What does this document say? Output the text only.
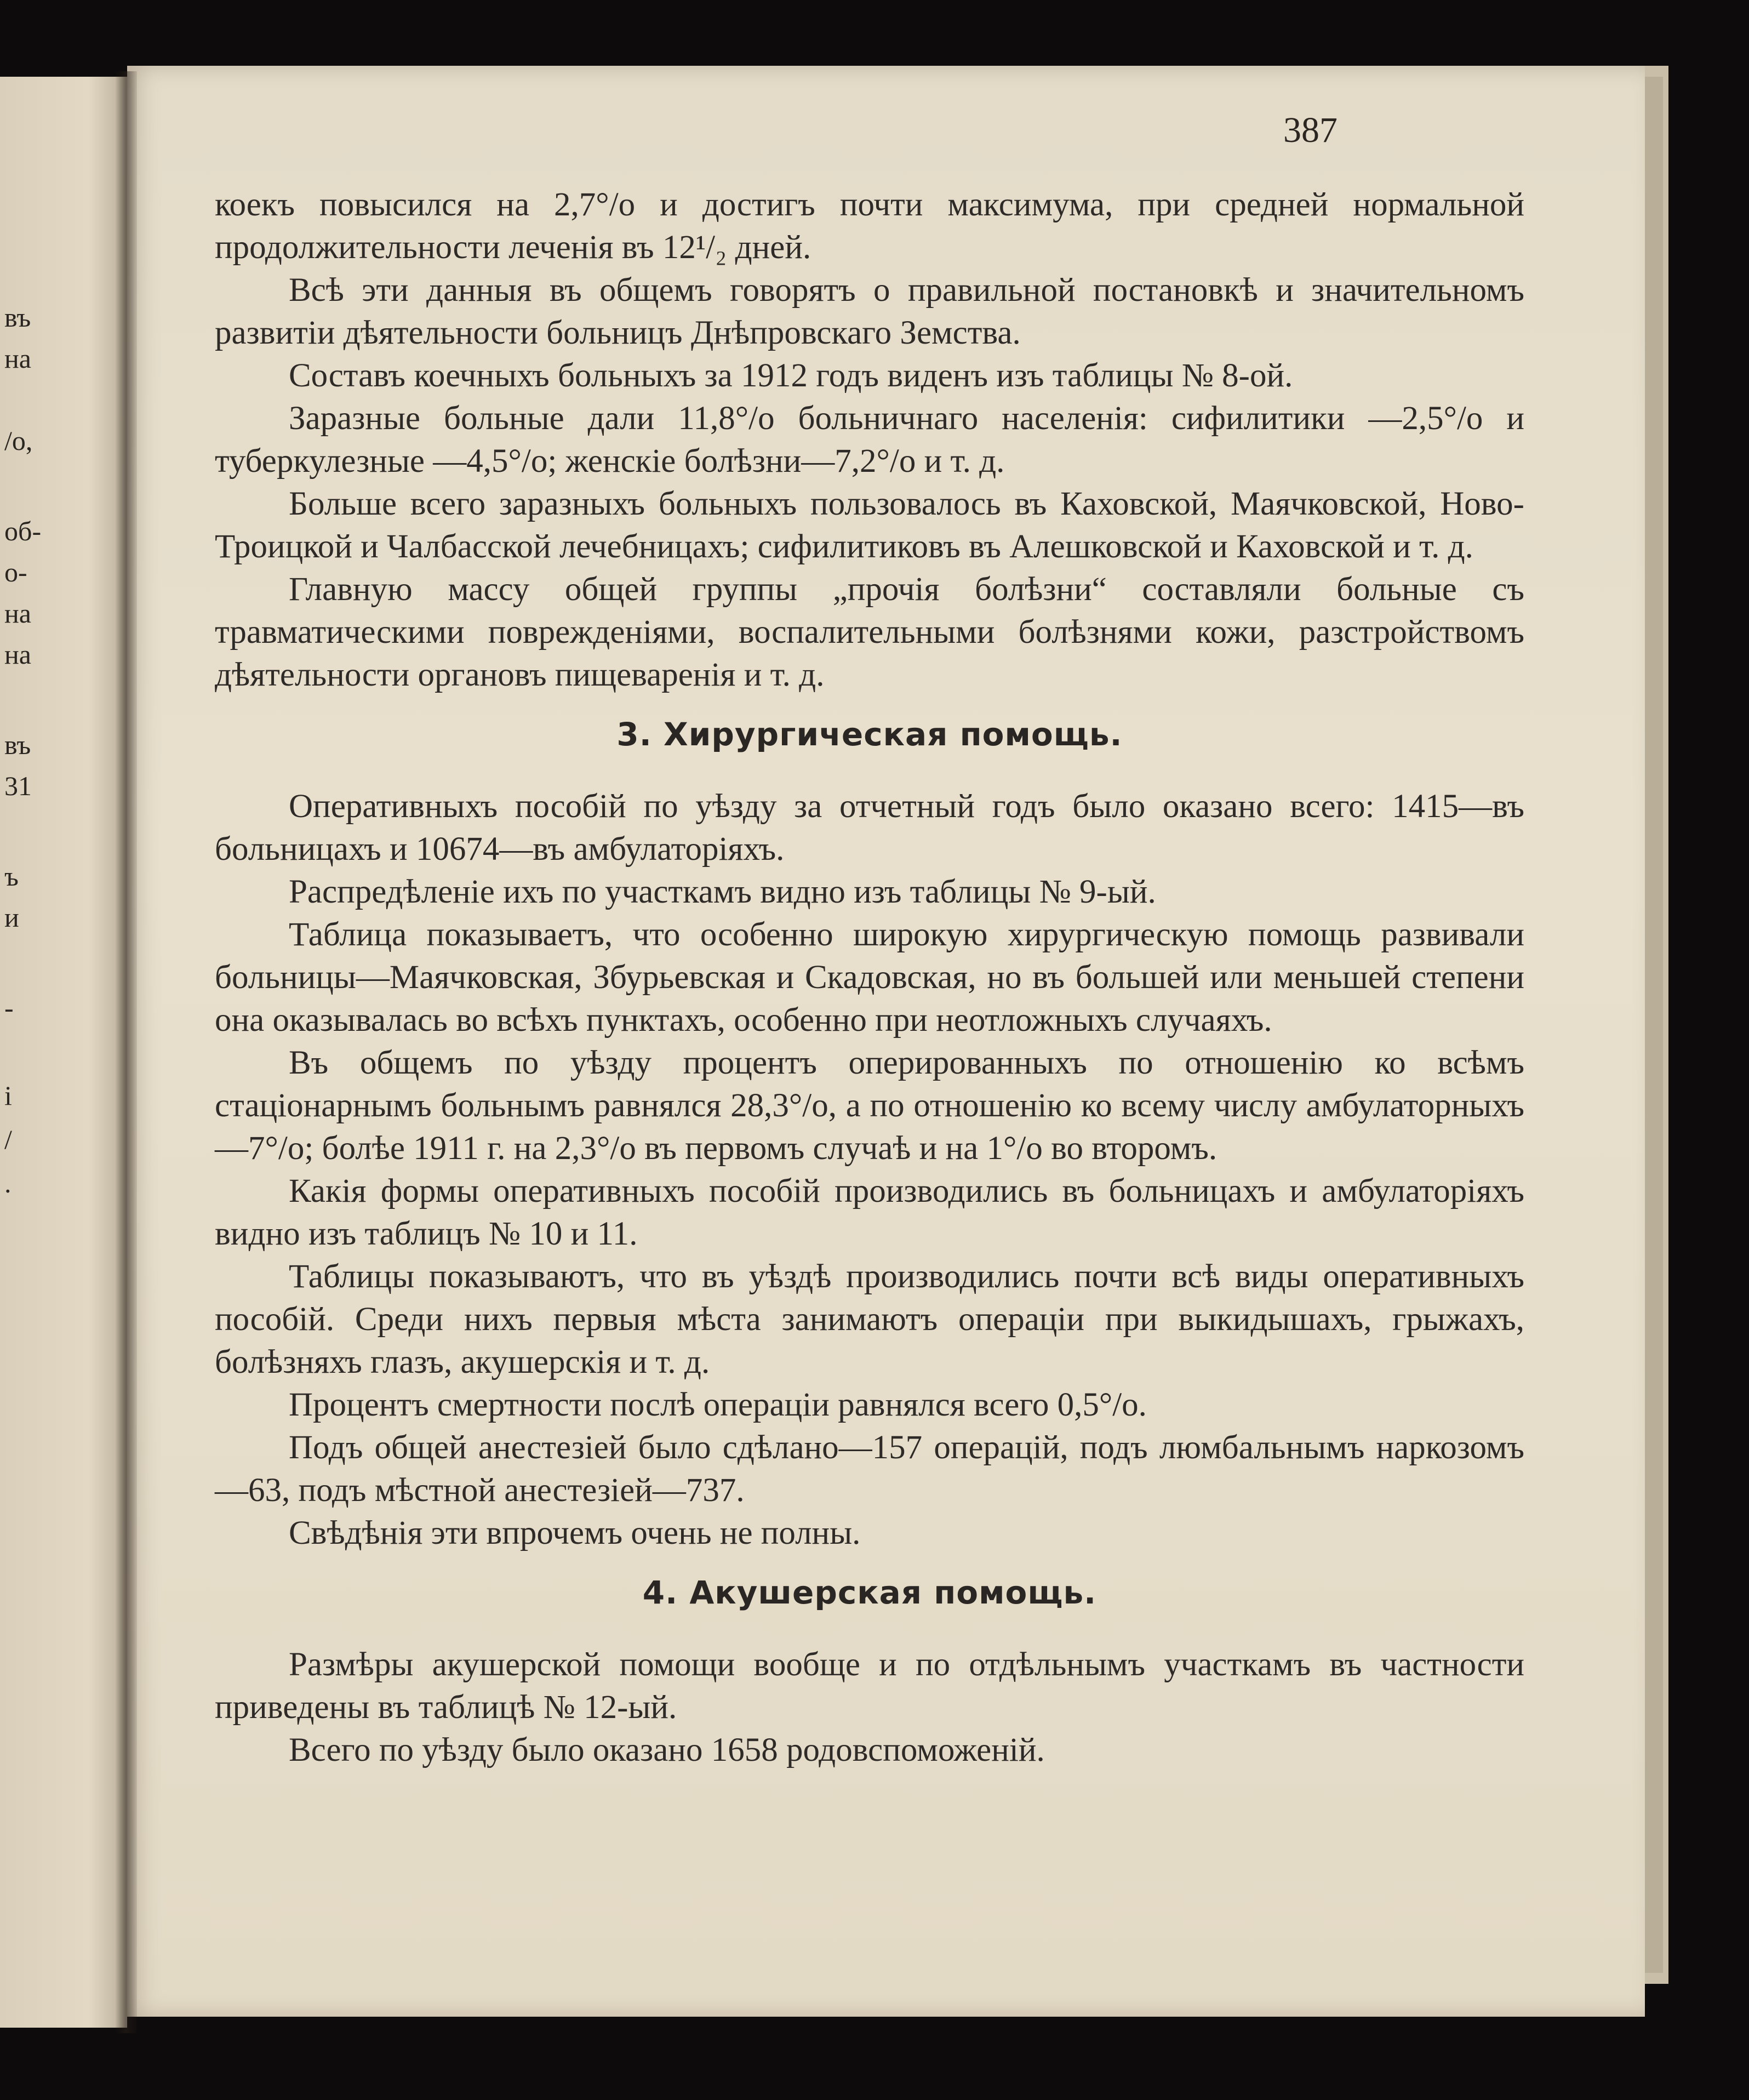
въ
на
/о,
об-
о-
на
на
въ
31
ъ
и
-
і
/
.
387

коекъ повысился на 2,7°/о и достигъ почти максимума, при средней нормальной продолжительности леченія въ 12¹/₂ дней.

Всѣ эти данныя въ общемъ говорятъ о правильной постановкѣ и значительномъ развитіи дѣятельности больницъ Днѣпровскаго Земства.

Составъ коечныхъ больныхъ за 1912 годъ виденъ изъ таблицы № 8-ой.

Заразные больные дали 11,8°/о больничнаго населенія: сифилитики —2,5°/о и туберкулезные —4,5°/о; женскіе болѣзни—7,2°/о и т. д.

Больше всего заразныхъ больныхъ пользовалось въ Каховской, Маячковской, Ново-Троицкой и Чалбасской лечебницахъ; сифилитиковъ въ Алешковской и Каховской и т. д.

Главную массу общей группы „прочія болѣзни“ составляли больные съ травматическими поврежденіями, воспалительными болѣзнями кожи, разстройствомъ дѣятельности органовъ пищеваренія и т. д.

3. Хирургическая помощь.

Оперативныхъ пособій по уѣзду за отчетный годъ было оказано всего: 1415—въ больницахъ и 10674—въ амбулаторіяхъ.

Распредѣленіе ихъ по участкамъ видно изъ таблицы № 9-ый.

Таблица показываетъ, что особенно широкую хирургическую помощь развивали больницы—Маячковская, Збурьевская и Скадовская, но въ большей или меньшей степени она оказывалась во всѣхъ пунктахъ, особенно при неотложныхъ случаяхъ.

Въ общемъ по уѣзду процентъ оперированныхъ по отношенію ко всѣмъ стаціонарнымъ больнымъ равнялся 28,3°/о, а по отношенію ко всему числу амбулаторныхъ—7°/о; болѣе 1911 г. на 2,3°/о въ первомъ случаѣ и на 1°/о во второмъ.

Какія формы оперативныхъ пособій производились въ больницахъ и амбулаторіяхъ видно изъ таблицъ № 10 и 11.

Таблицы показываютъ, что въ уѣздѣ производились почти всѣ виды оперативныхъ пособій. Среди нихъ первыя мѣста занимаютъ операціи при выкидышахъ, грыжахъ, болѣзняхъ глазъ, акушерскія и т. д.

Процентъ смертности послѣ операціи равнялся всего 0,5°/о.

Подъ общей анестезіей было сдѣлано—157 операцій, подъ люмбальнымъ наркозомъ—63, подъ мѣстной анестезіей—737.

Свѣдѣнія эти впрочемъ очень не полны.

4. Акушерская помощь.

Размѣры акушерской помощи вообще и по отдѣльнымъ участкамъ въ частности приведены въ таблицѣ № 12-ый.

Всего по уѣзду было оказано 1658 родовспоможеній.
